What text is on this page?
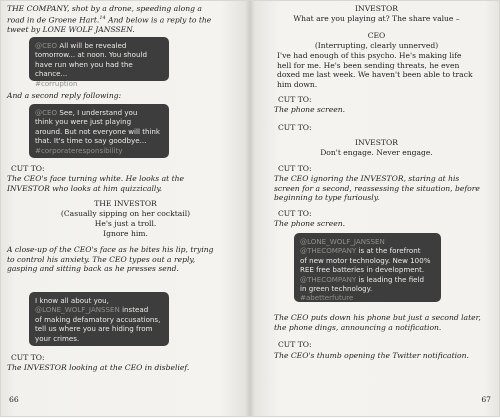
THE COMPANY, shot by a drone, speeding along a
road in de Groene Hart.$^{14}$ And below is a reply to the
tweet by LONE WOLF JANSSEN.

@CEO All will be revealed
tomorrow... at noon. You should
have run when you had the chance...
#corruption

And a second reply following:

@CEO See, I understand you
think you were just playing
around. But not everyone will think
that. It's time to say goodbye...
#corporateresponsibility

CUT TO:

The CEO's face turning white. He looks at the
INVESTOR who looks at him quizzically.

THE INVESTOR

(Casually sipping on her cocktail)

He's just a troll.
Ignore him.

A close-up of the CEO's face as he bites his lip, trying
to control his anxiety. The CEO types out a reply,
gasping and sitting back as he presses send.

I know all about you,
@LONE_WOLF_JANSSEN instead
of making defamatory accusations,
tell us where you are hiding from
your crimes.

CUT TO:

The INVESTOR looking at the CEO in disbelief.

66

INVESTOR

What are you playing at? The share value –

CEO

(Interrupting, clearly unnerved)

I've had enough of this psycho. He's making life
hell for me. He's been sending threats, he even
doxed me last week. We haven't been able to track
him down.

CUT TO:

The phone screen.

CUT TO:

INVESTOR

Don't engage. Never engage.

CUT TO:

The CEO ignoring the INVESTOR, staring at his
screen for a second, reassessing the situation, before
beginning to type furiously.

CUT TO:

The phone screen.

@LONE_WOLF_JANSSEN
@THECOMPANY is at the forefront
of new motor technology. New 100%
REE free batteries in development.
@THECOMPANY is leading the field
in green technology.
#abetterfuture

The CEO puts down his phone but just a second later,
the phone dings, announcing a notification.

CUT TO:

The CEO's thumb opening the Twitter notification.

67
